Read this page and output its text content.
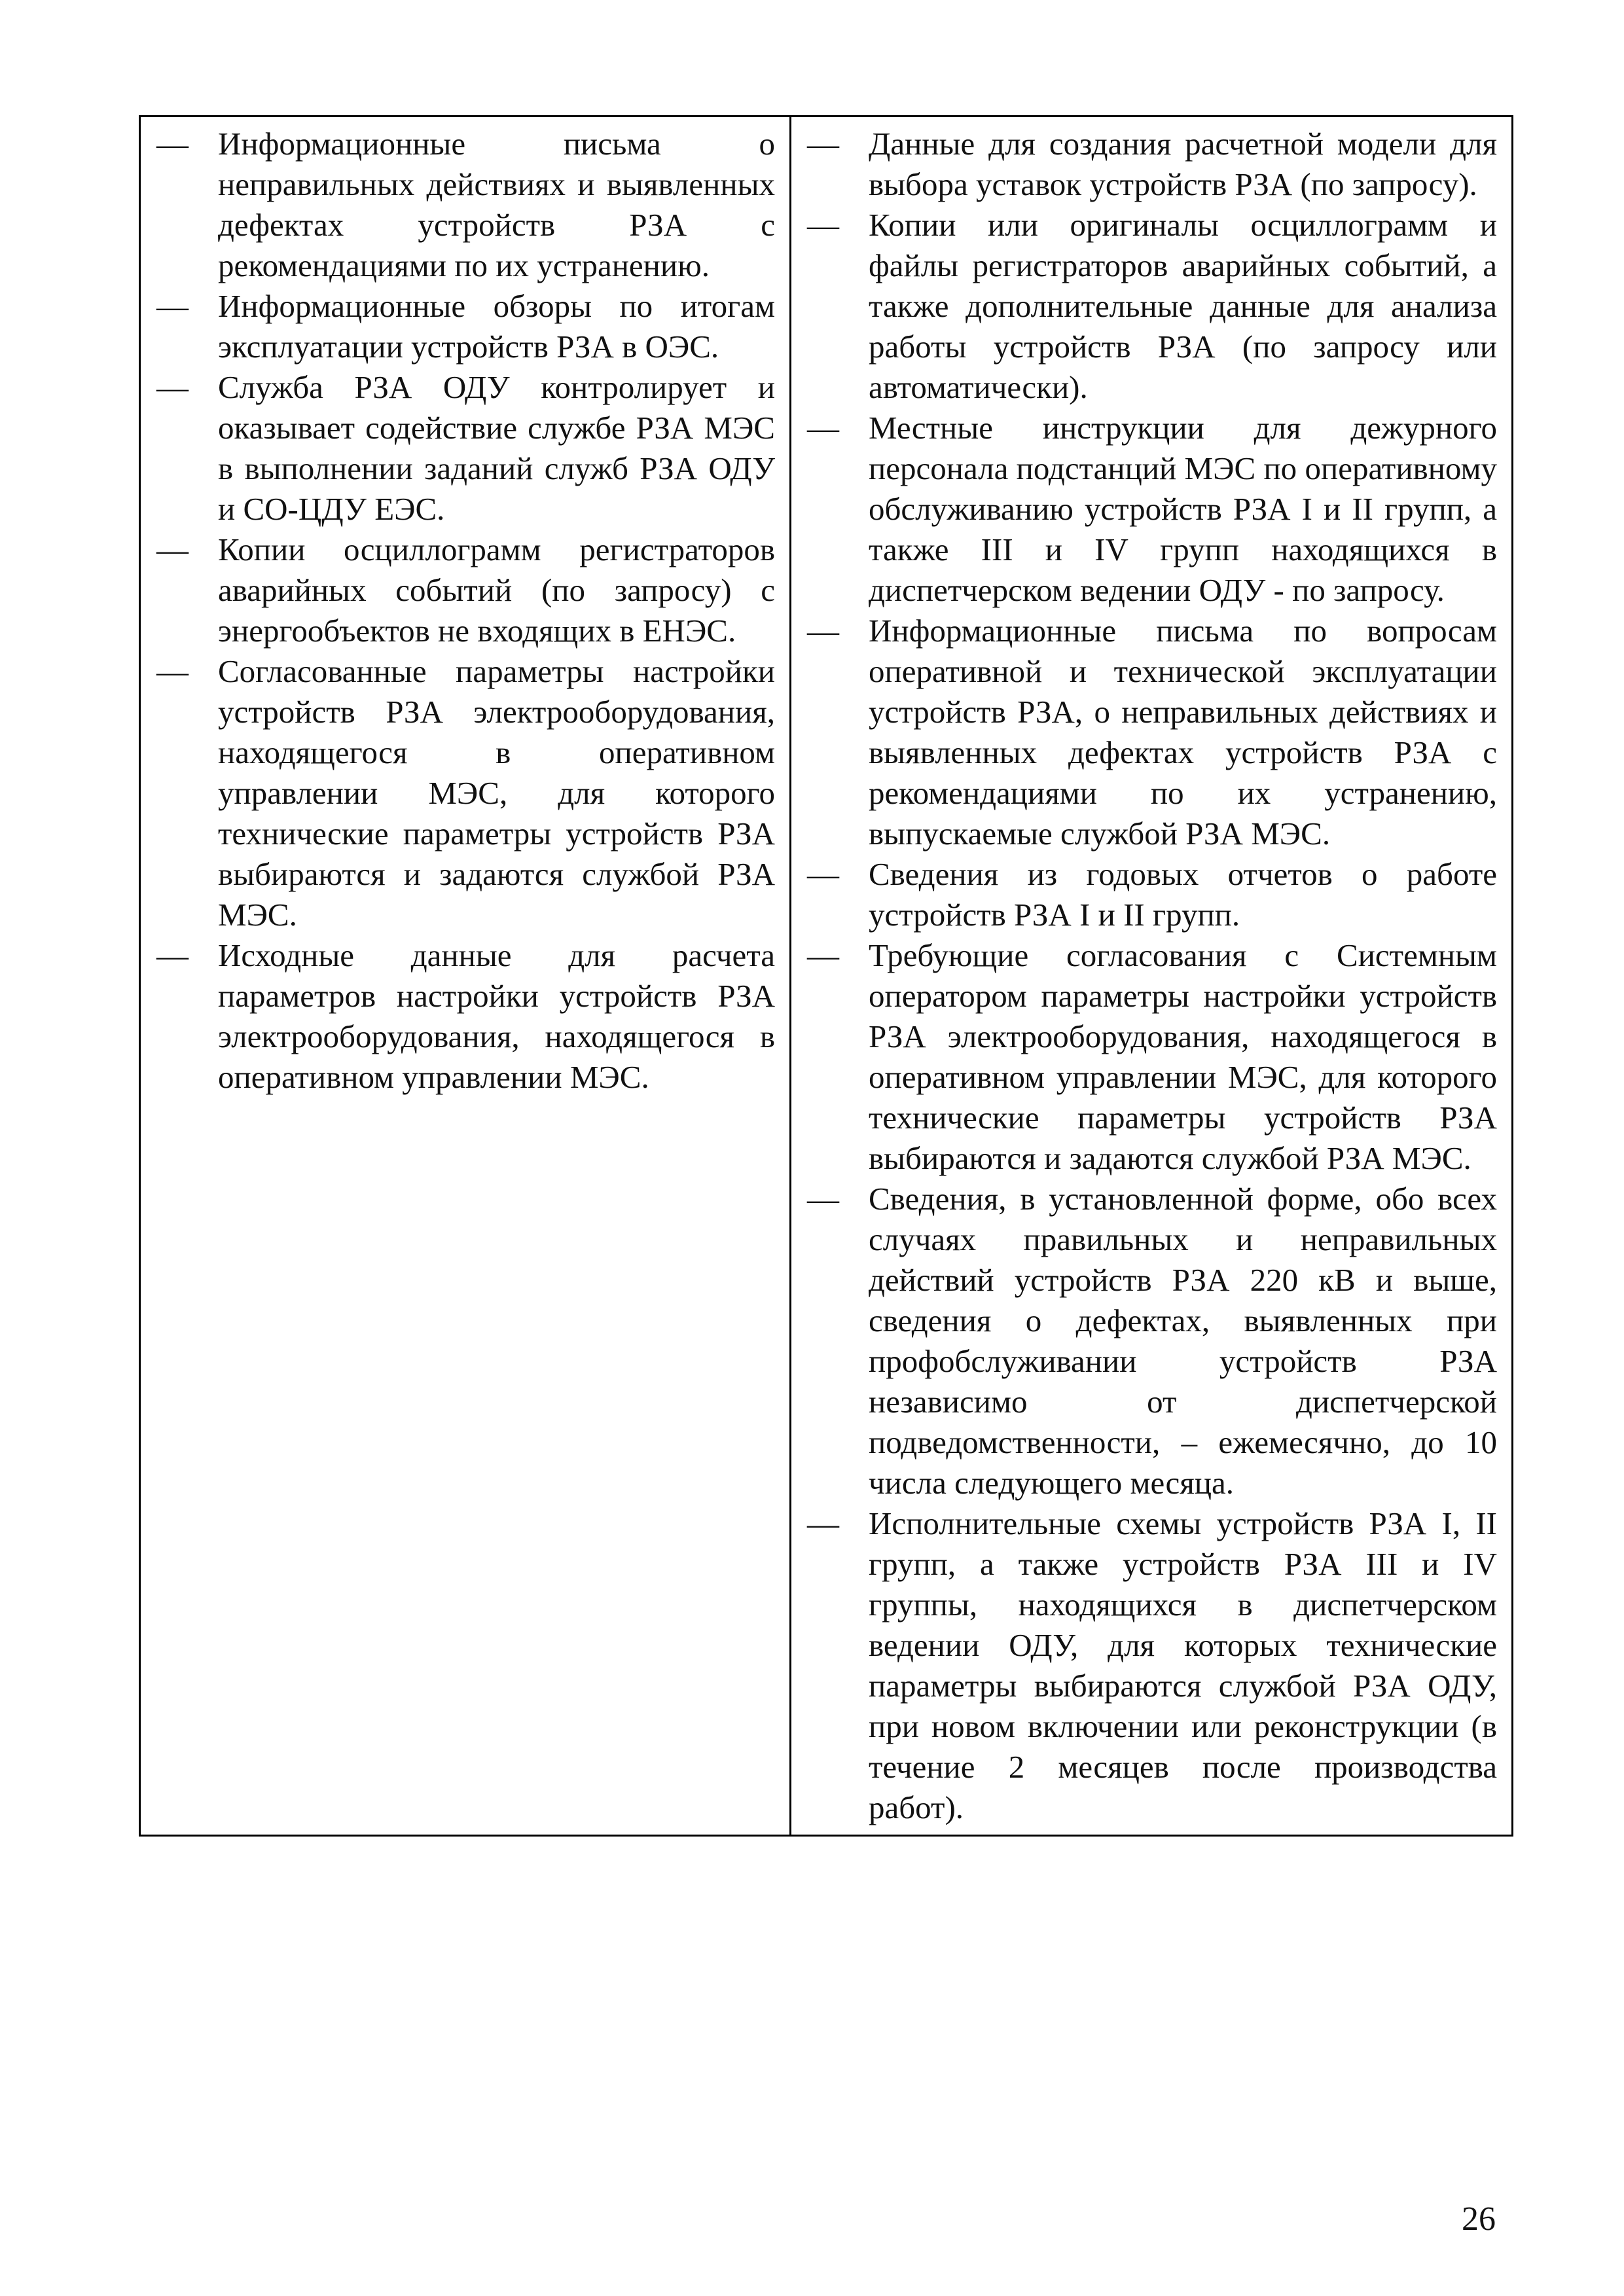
— Информационные письма о неправильных действиях и выявленных дефектах устройств РЗА с рекомендациями по их устранению.
— Информационные обзоры по итогам эксплуатации устройств РЗА в ОЭС.
— Служба РЗА ОДУ контролирует и оказывает содействие службе РЗА МЭС в выполнении заданий служб РЗА ОДУ и СО-ЦДУ ЕЭС.
— Копии осциллограмм регистраторов аварийных событий (по запросу) с энергообъектов не входящих в ЕНЭС.
— Согласованные параметры настройки устройств РЗА электрооборудования, находящегося в оперативном управлении МЭС, для которого технические параметры устройств РЗА выбираются и задаются службой РЗА МЭС.
— Исходные данные для расчета параметров настройки устройств РЗА электрооборудования, находящегося в оперативном управлении МЭС.

— Данные для создания расчетной модели для выбора уставок устройств РЗА (по запросу).
— Копии или оригиналы осциллограмм и файлы регистраторов аварийных событий, а также дополнительные данные для анализа работы устройств РЗА (по запросу или автоматически).
— Местные инструкции для дежурного персонала подстанций МЭС по оперативному обслуживанию устройств РЗА I и II групп, а также III и IV групп находящихся в диспетчерском ведении ОДУ - по запросу.
— Информационные письма по вопросам оперативной и технической эксплуатации устройств РЗА, о неправильных действиях и выявленных дефектах устройств РЗА с рекомендациями по их устранению, выпускаемые службой РЗА МЭС.
— Сведения из годовых отчетов о работе устройств РЗА I и II групп.
— Требующие согласования с Системным оператором параметры настройки устройств РЗА электрооборудования, находящегося в оперативном управлении МЭС, для которого технические параметры устройств РЗА выбираются и задаются службой РЗА МЭС.
— Сведения, в установленной форме, обо всех случаях правильных и неправильных действий устройств РЗА 220 кВ и выше, сведения о дефектах, выявленных при профобслуживании устройств РЗА независимо от диспетчерской подведомственности, – ежемесячно, до 10 числа следующего месяца.
— Исполнительные схемы устройств РЗА I, II групп, а также устройств РЗА III и IV группы, находящихся в диспетчерском ведении ОДУ, для которых технические параметры выбираются службой РЗА ОДУ, при новом включении или реконструкции (в течение 2 месяцев после производства работ).
26
